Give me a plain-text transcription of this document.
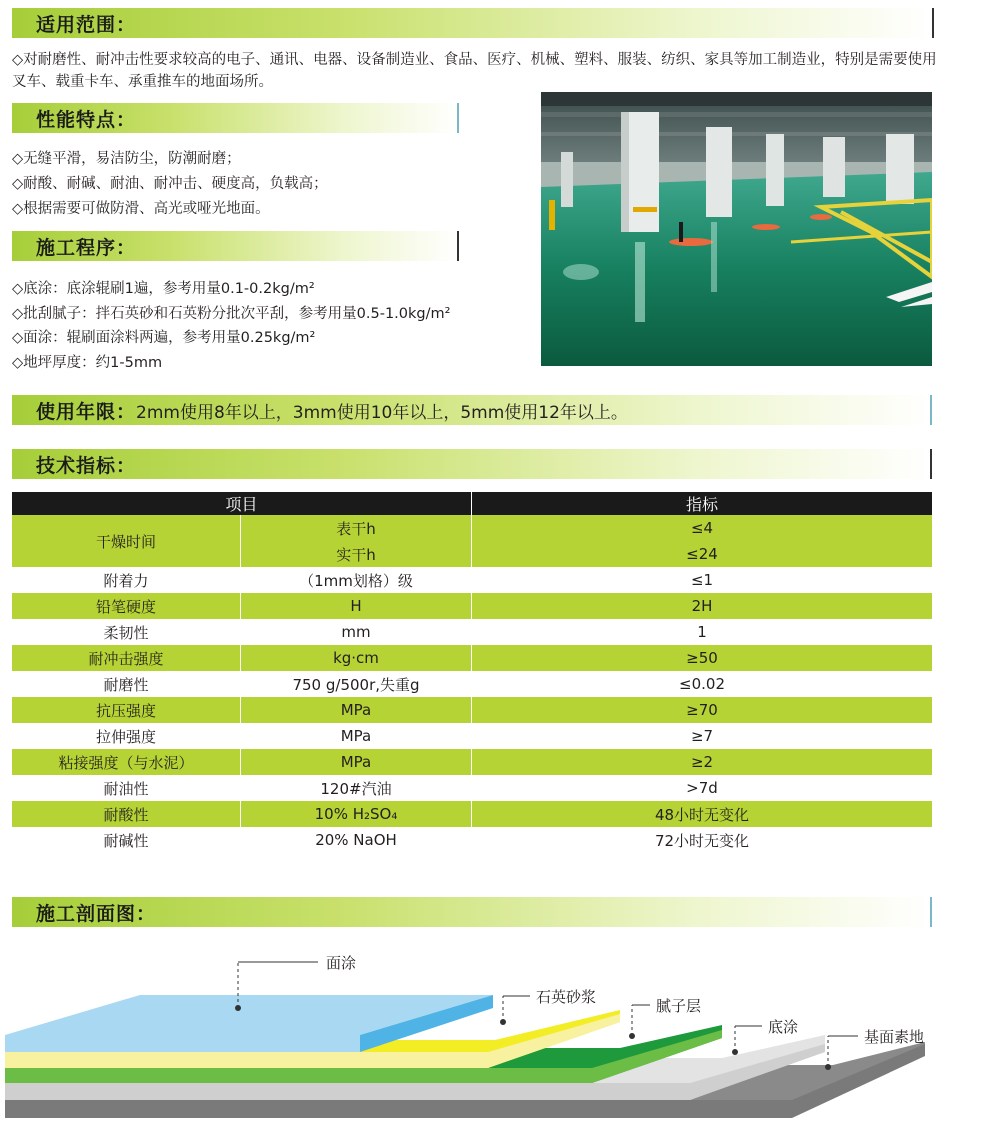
适用范围：
◇对耐磨性、耐冲击性要求较高的电子、通讯、电器、设备制造业、食品、医疗、机械、塑料、服装、纺织、家具等加工制造业，特别是需要使用叉车、载重卡车、承重推车的地面场所。
性能特点：
◇无缝平滑，易洁防尘，防潮耐磨；
◇耐酸、耐碱、耐油、耐冲击、硬度高，负载高；
◇根据需要可做防滑、高光或哑光地面。
施工程序：
◇底涂：底涂辊刷1遍，参考用量0.1-0.2kg/m²
◇批刮腻子：拌石英砂和石英粉分批次平刮，参考用量0.5-1.0kg/m²
◇面涂：辊刷面涂料两遍，参考用量0.25kg/m²
◇地坪厚度：约1-5mm
使用年限： 2mm使用8年以上，3mm使用10年以上，5mm使用12年以上。
技术指标：
项目		指标
干燥时间	表干h	≤4
	实干h	≤24
附着力	（1mm划格）级	≤1
铅笔硬度	H	2H
柔韧性	mm	1
耐冲击强度	kg·cm	≥50
耐磨性	750 g/500r,失重g	≤0.02
抗压强度	MPa	≥70
拉伸强度	MPa	≥7
粘接强度（与水泥）	MPa	≥2
耐油性	120#汽油	>7d
耐酸性	10% H₂SO₄	48小时无变化
耐碱性	20% NaOH	72小时无变化
施工剖面图：
面涂
石英砂浆	腻子层
底涂
基面素地
